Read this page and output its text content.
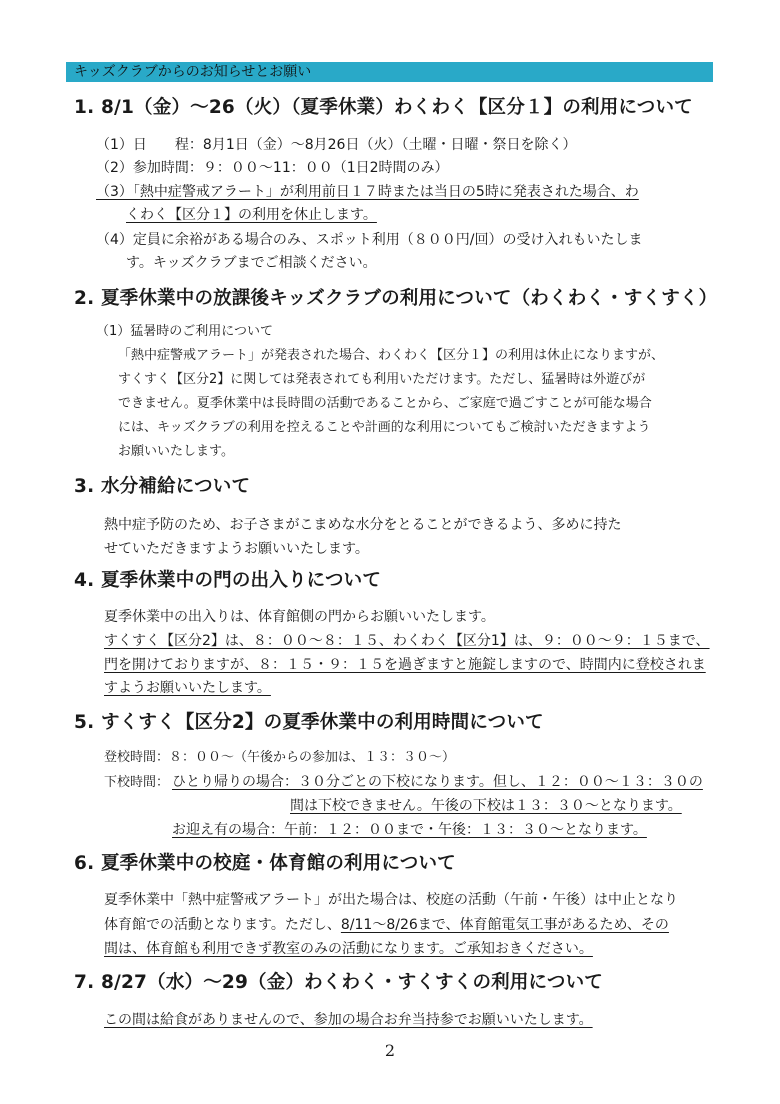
キッズクラブからのお知らせとお願い
1. 8/1（金）～26（火）（夏季休業）わくわく【区分１】の利用について
（1）日　　程：8月1日（金）～8月26日（火）（土曜・日曜・祭日を除く）
（2）参加時間：９：００～11：００（1日2時間のみ）
（3）「熱中症警戒アラート」が利用前日１７時または当日の5時に発表された場合、わ
くわく【区分１】の利用を休止します。
（4）定員に余裕がある場合のみ、スポット利用（８００円/回）の受け入れもいたしま
す。キッズクラブまでご相談ください。
2. 夏季休業中の放課後キッズクラブの利用について（わくわく・すくすく）
（1）猛暑時のご利用について
「熱中症警戒アラート」が発表された場合、わくわく【区分１】の利用は休止になりますが、
すくすく【区分2】に関しては発表されても利用いただけます。ただし、猛暑時は外遊びが
できません。夏季休業中は長時間の活動であることから、ご家庭で過ごすことが可能な場合
には、キッズクラブの利用を控えることや計画的な利用についてもご検討いただきますよう
お願いいたします。
3. 水分補給について
熱中症予防のため、お子さまがこまめな水分をとることができるよう、多めに持た
せていただきますようお願いいたします。
4. 夏季休業中の門の出入りについて
夏季休業中の出入りは、体育館側の門からお願いいたします。
すくすく【区分2】は、８：００～８：１５、わくわく【区分1】は、９：００～９：１５まで、
門を開けておりますが、８：１５・９：１５を過ぎますと施錠しますので、時間内に登校されま
すようお願いいたします。
5. すくすく【区分2】の夏季休業中の利用時間について
登校時間：８：００～（午後からの参加は、１３：３０～）
下校時間： ひとり帰りの場合：３０分ごとの下校になります。但し、１２：００～１３：３０の
間は下校できません。午後の下校は１３：３０～となります。
お迎え有の場合：午前：１２：００まで・午後：１３：３０～となります。
6. 夏季休業中の校庭・体育館の利用について
夏季休業中「熱中症警戒アラート」が出た場合は、校庭の活動（午前・午後）は中止となり
体育館での活動となります。ただし、8/11～8/26まで、体育館電気工事があるため、その
間は、体育館も利用できず教室のみの活動になります。ご承知おきください。
7. 8/27（水）～29（金）わくわく・すくすくの利用について
この間は給食がありませんので、参加の場合お弁当持参でお願いいたします。
2
